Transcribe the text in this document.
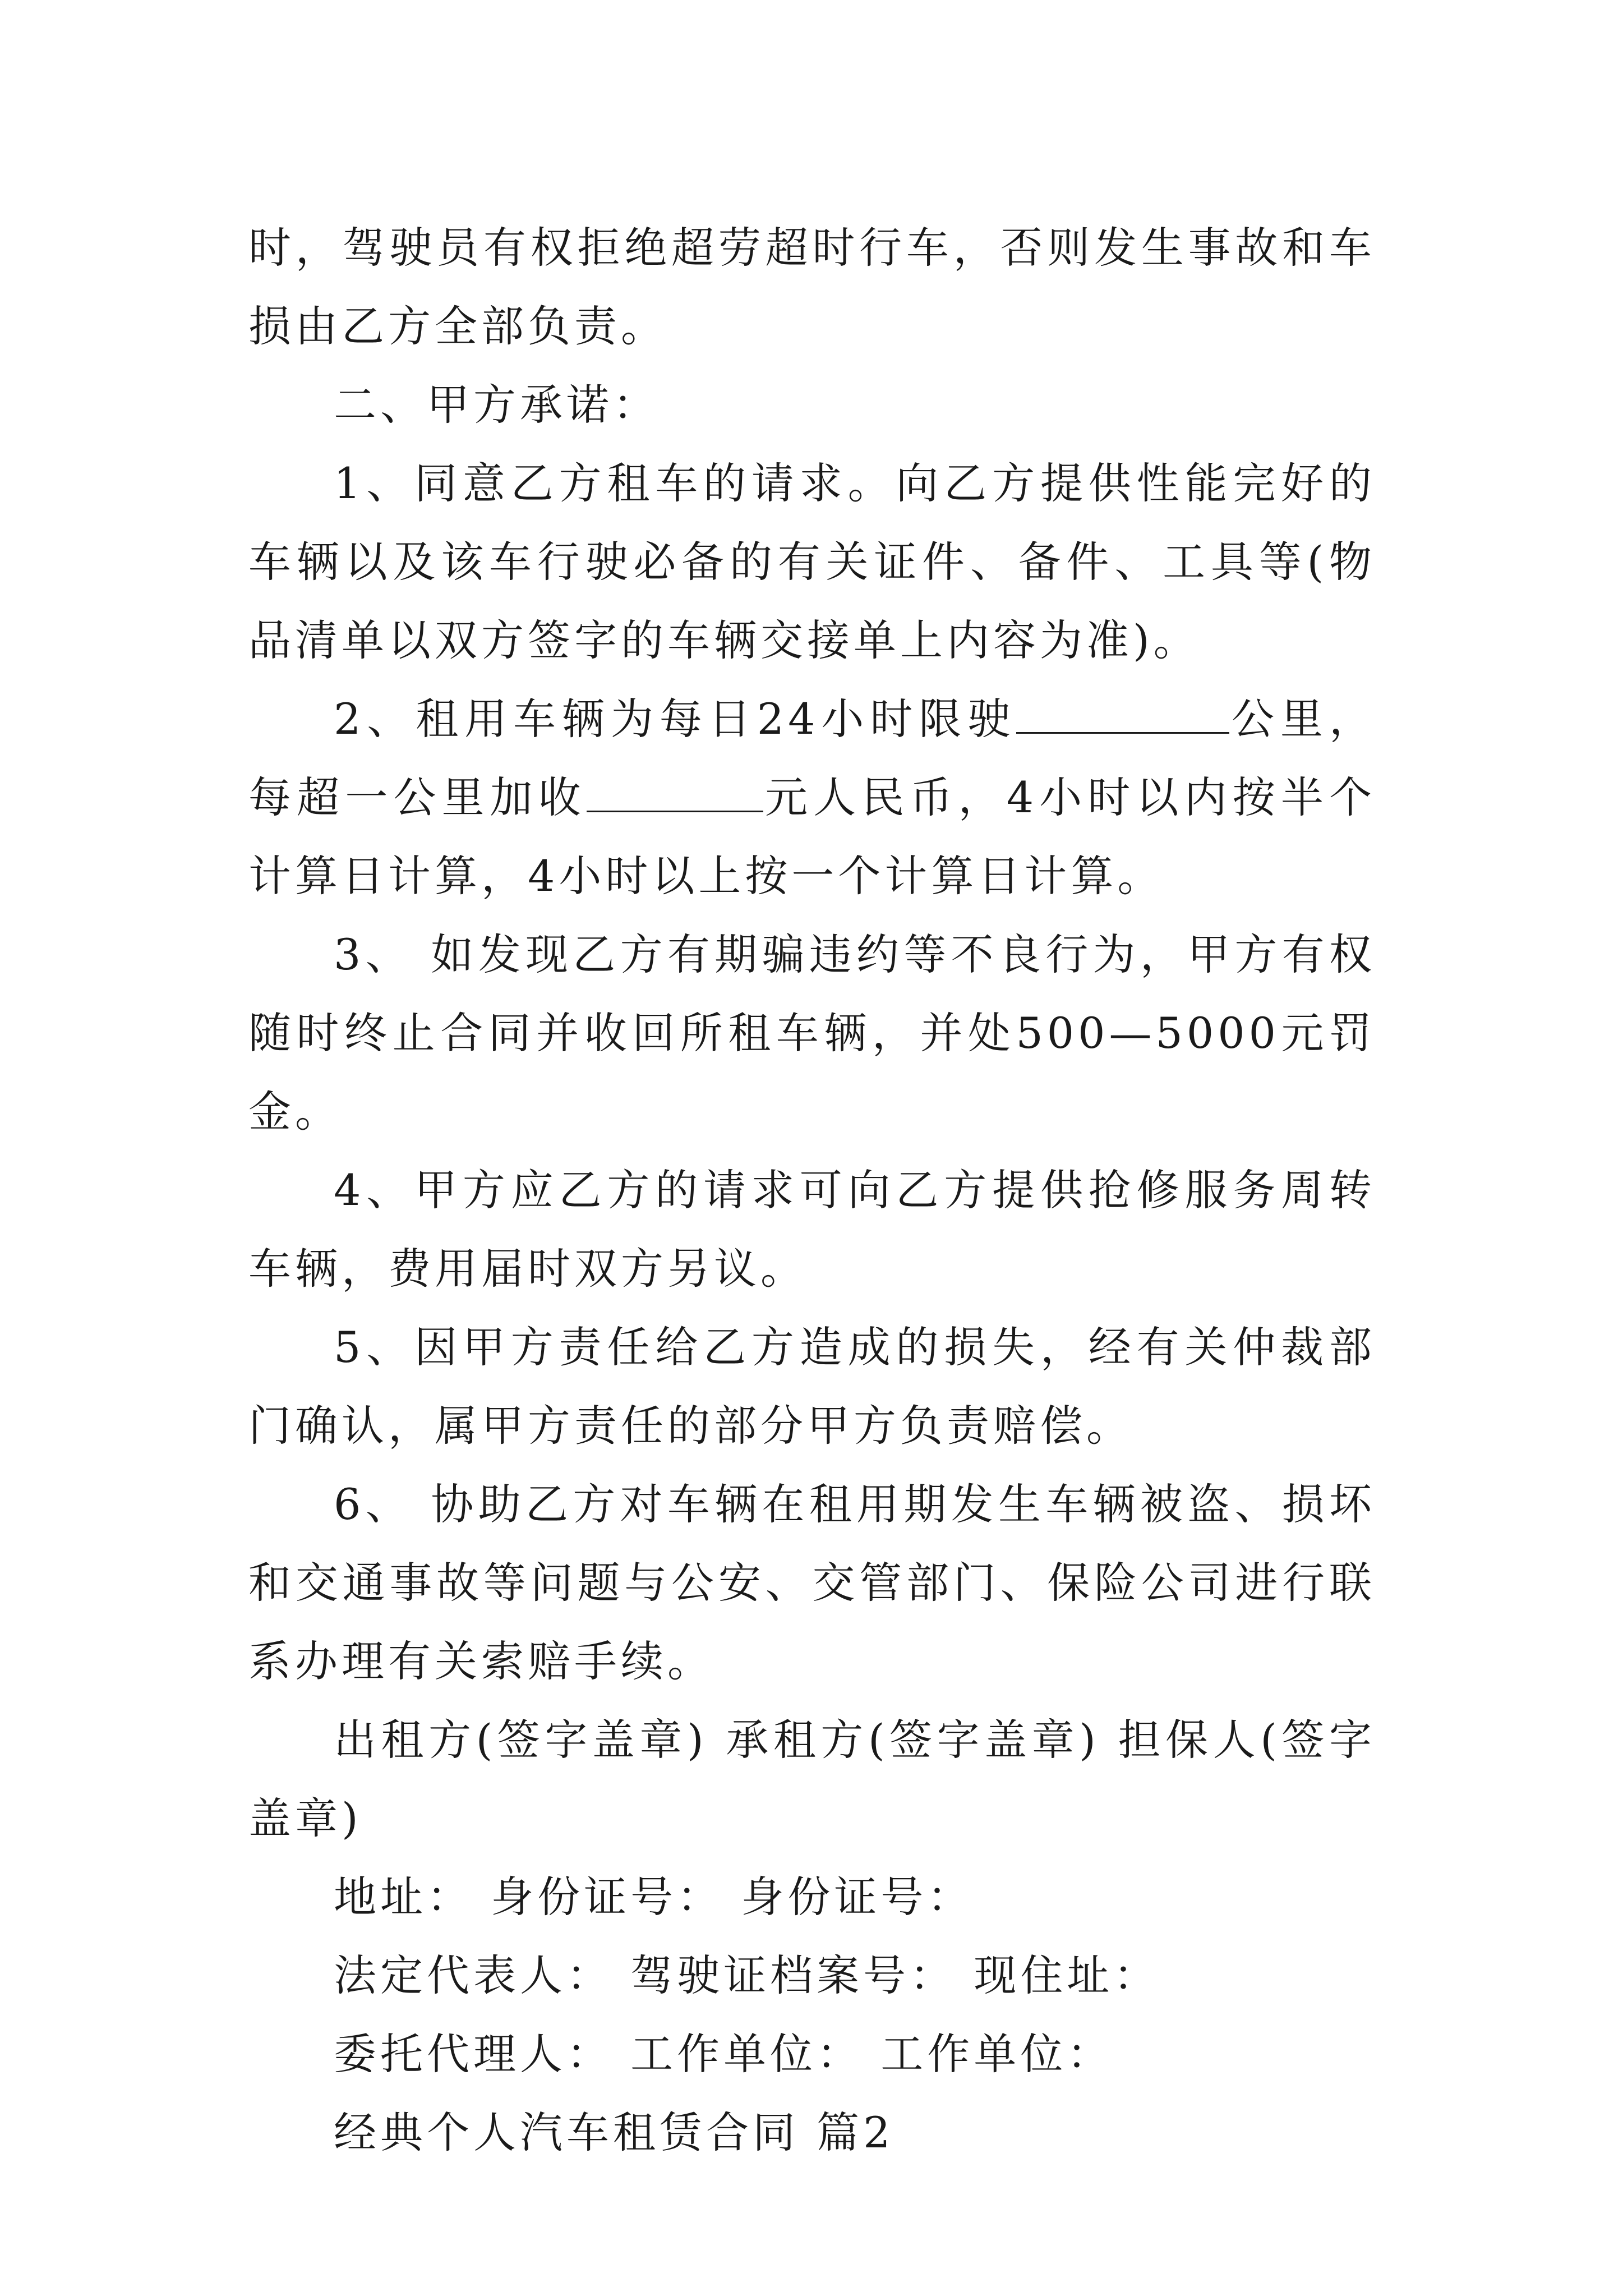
时，驾驶员有权拒绝超劳超时行车，否则发生事故和车损由乙方全部负责。

二、甲方承诺：

1、同意乙方租车的请求。向乙方提供性能完好的车辆以及该车行驶必备的有关证件、备件、工具等(物品清单以双方签字的车辆交接单上内容为准)。

2、租用车辆为每日24小时限驶	公里，每超一公里加收	元人民币，4小时以内按半个计算日计算，4小时以上按一个计算日计算。

3、 如发现乙方有期骗违约等不良行为，甲方有权随时终止合同并收回所租车辆，并处500—5000元罚金。

4、甲方应乙方的请求可向乙方提供抢修服务周转车辆，费用届时双方另议。

5、因甲方责任给乙方造成的损失，经有关仲裁部门确认，属甲方责任的部分甲方负责赔偿。

6、 协助乙方对车辆在租用期发生车辆被盗、损坏和交通事故等问题与公安、交管部门、保险公司进行联系办理有关索赔手续。

出租方(签字盖章) 承租方(签字盖章) 担保人(签字盖章)

地址： 身份证号： 身份证号：

法定代表人： 驾驶证档案号： 现住址：

委托代理人： 工作单位： 工作单位：

经典个人汽车租赁合同 篇2
